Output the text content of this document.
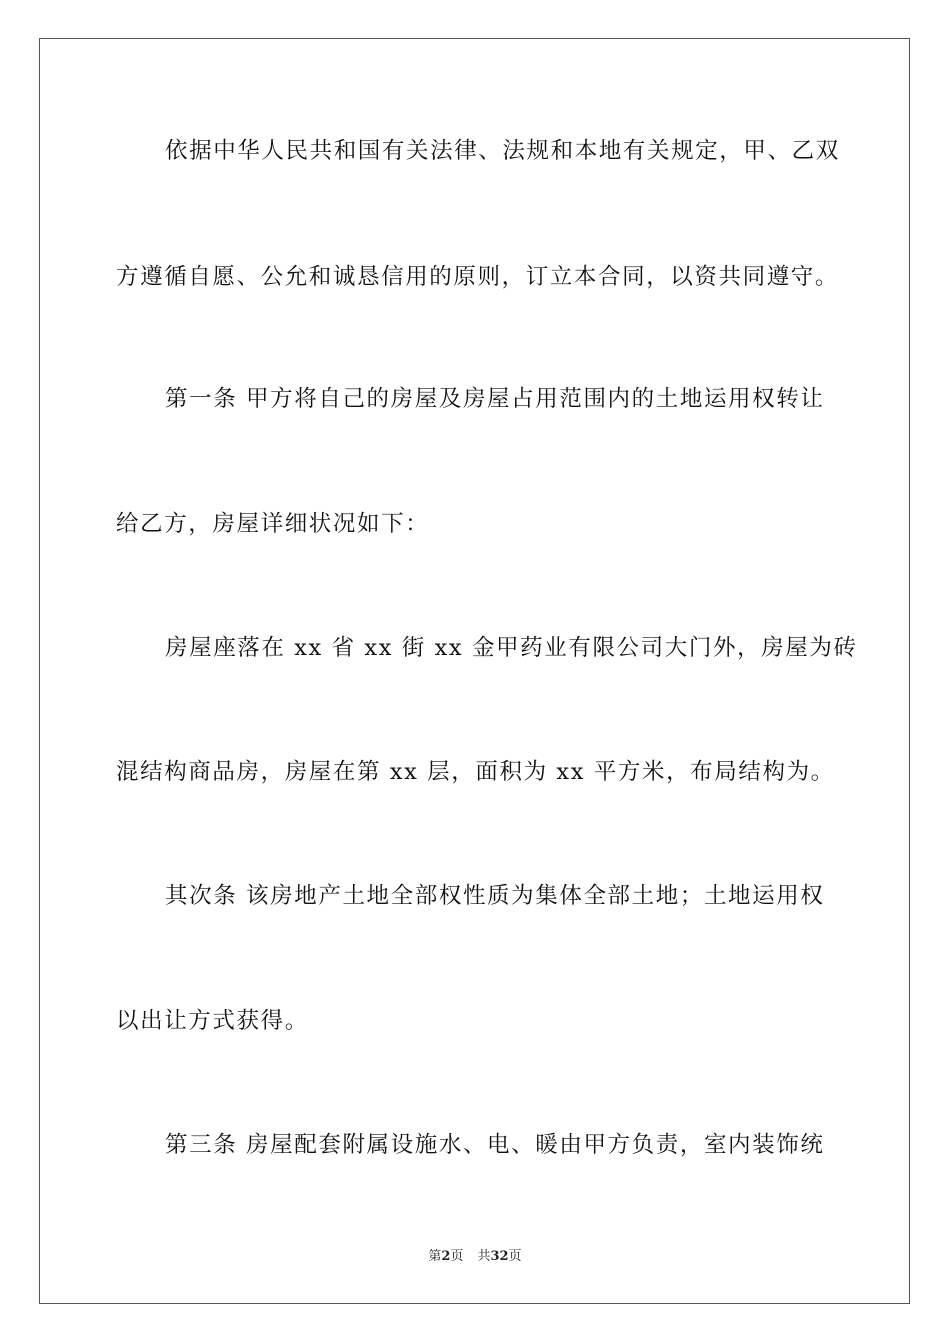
依据中华人民共和国有关法律、法规和本地有关规定，甲、乙双
方遵循自愿、公允和诚恳信用的原则，订立本合同，以资共同遵守。
第一条 甲方将自己的房屋及房屋占用范围内的土地运用权转让
给乙方，房屋详细状况如下：
房屋座落在 xx 省 xx 街 xx 金甲药业有限公司大门外，房屋为砖
混结构商品房，房屋在第 xx 层，面积为 xx 平方米，布局结构为。
其次条 该房地产土地全部权性质为集体全部土地；土地运用权
以出让方式获得。
第三条 房屋配套附属设施水、电、暖由甲方负责，室内装饰统
第2页 共32页
